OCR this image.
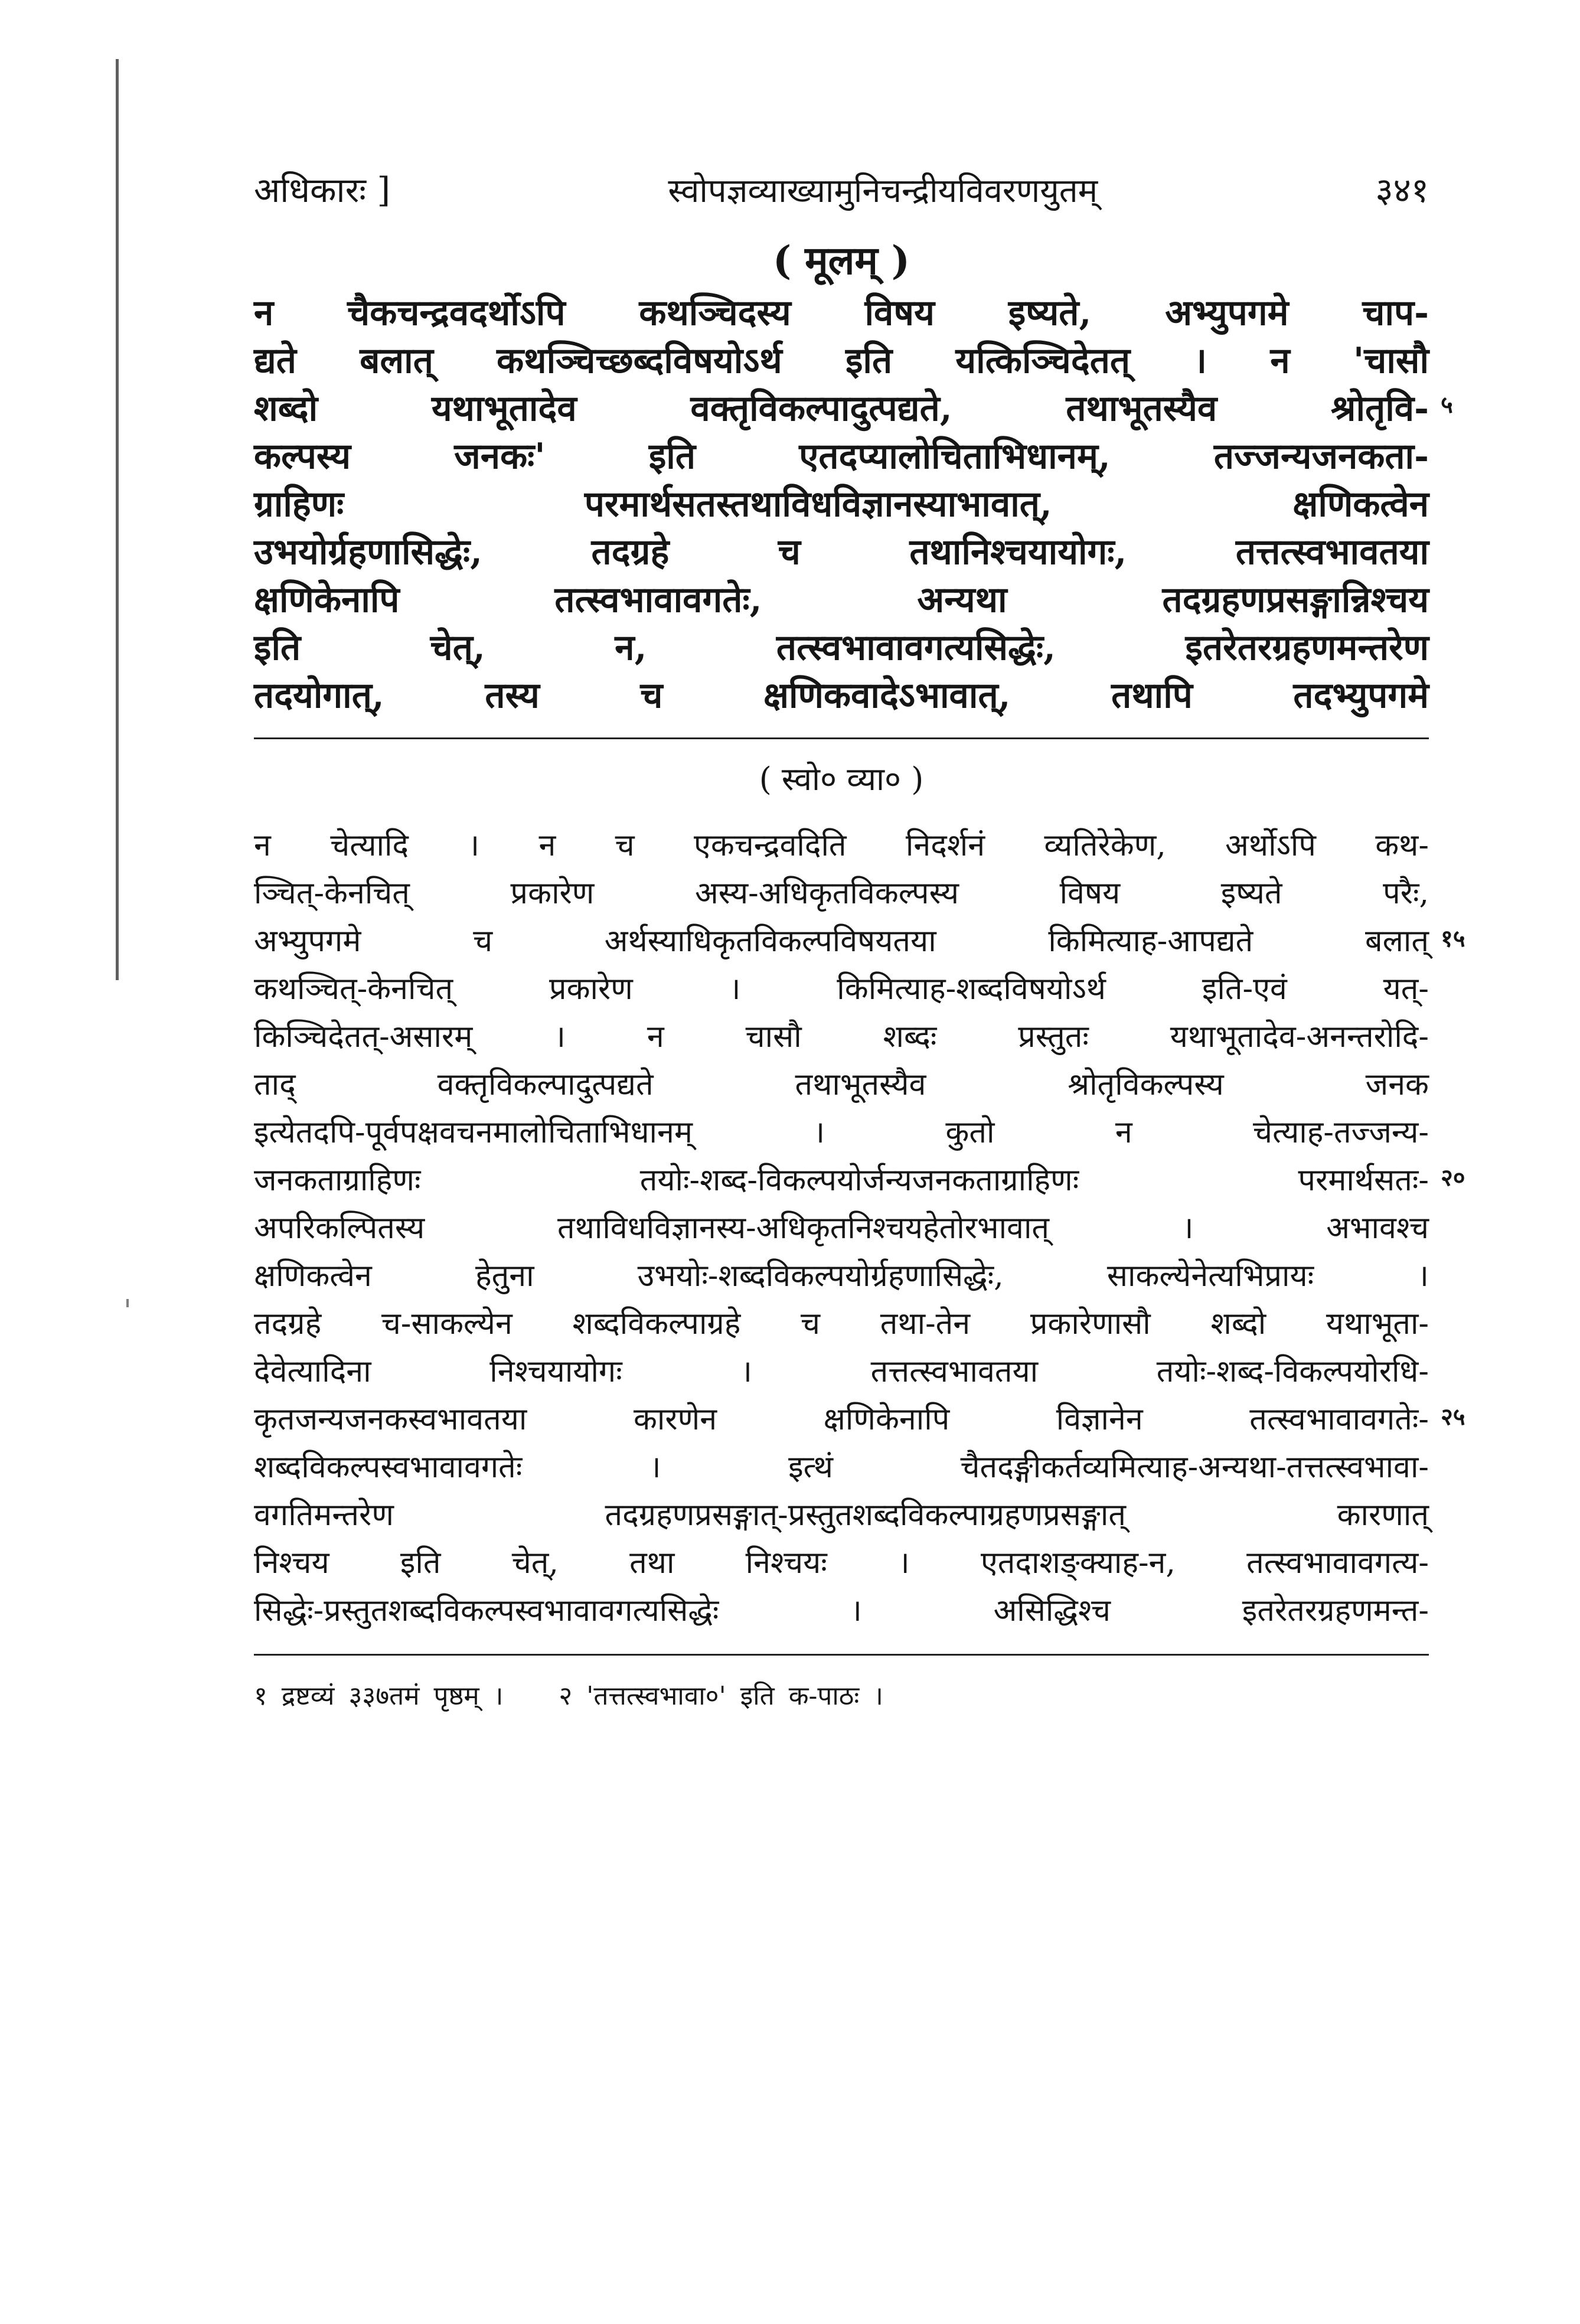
अधिकारः ]	स्वोपज्ञव्याख्यामुनिचन्द्रीयविवरणयुतम्	३४१
( मूलम् )

न चैकचन्द्रवदर्थोऽपि कथञ्चिदस्य विषय इष्यते, अभ्युपगमे चाप-

द्यते बलात् कथञ्चिच्छब्दविषयोऽर्थ इति यत्किञ्चिदेतत् । न 'चासौ

शब्दो यथाभूतादेव वक्तृविकल्पादुत्पद्यते, तथाभूतस्यैव श्रोतृवि- ५

कल्पस्य जनकः' इति एतदप्यालोचिताभिधानम्, तज्जन्यजनकता-

ग्राहिणः परमार्थसतस्तथाविधविज्ञानस्याभावात्, क्षणिकत्वेन

उभयोर्ग्रहणासिद्धेः, तदग्रहे च तथानिश्चयायोगः, तत्तत्स्वभावतया

क्षणिकेनापि तत्स्वभावावगतेः, अन्यथा तदग्रहणप्रसङ्गान्निश्चय

इति चेत्, न, तत्स्वभावावगत्यसिद्धेः, इतरेतरग्रहणमन्तरेण

तदयोगात्, तस्य च क्षणिकवादेऽभावात्, तथापि तदभ्युपगमे

( स्वो० व्या० )

न चेत्यादि । न च एकचन्द्रवदिति निदर्शनं व्यतिरेकेण, अर्थोऽपि कथ-

ञ्चित्-केनचित् प्रकारेण अस्य-अधिकृतविकल्पस्य विषय इष्यते परैः,

अभ्युपगमे च अर्थस्याधिकृतविकल्पविषयतया किमित्याह-आपद्यते बलात् १५

कथञ्चित्-केनचित् प्रकारेण । किमित्याह-शब्दविषयोऽर्थ इति-एवं यत्-

किञ्चिदेतत्-असारम् । न चासौ शब्दः प्रस्तुतः यथाभूतादेव-अनन्तरोदि-

ताद् वक्तृविकल्पादुत्पद्यते तथाभूतस्यैव श्रोतृविकल्पस्य जनक

इत्येतदपि-पूर्वपक्षवचनमालोचिताभिधानम् । कुतो न चेत्याह-तज्जन्य-

जनकताग्राहिणः तयोः-शब्द-विकल्पयोर्जन्यजनकताग्राहिणः परमार्थसतः- २०

अपरिकल्पितस्य तथाविधविज्ञानस्य-अधिकृतनिश्चयहेतोरभावात् । अभावश्च

क्षणिकत्वेन हेतुना उभयोः-शब्दविकल्पयोर्ग्रहणासिद्धेः, साकल्येनेत्यभिप्रायः ।

तदग्रहे च-साकल्येन शब्दविकल्पाग्रहे च तथा-तेन प्रकारेणासौ शब्दो यथाभूता-

देवेत्यादिना निश्चयायोगः । तत्तत्स्वभावतया तयोः-शब्द-विकल्पयोरधि-

कृतजन्यजनकस्वभावतया कारणेन क्षणिकेनापि विज्ञानेन तत्स्वभावावगतेः- २५

शब्दविकल्पस्वभावावगतेः । इत्थं चैतदङ्गीकर्तव्यमित्याह-अन्यथा-तत्तत्स्वभावा-

वगतिमन्तरेण तदग्रहणप्रसङ्गात्-प्रस्तुतशब्दविकल्पाग्रहणप्रसङ्गात् कारणात्

निश्चय इति चेत्, तथा निश्चयः । एतदाशङ्क्याह-न, तत्स्वभावावगत्य-

सिद्धेः-प्रस्तुतशब्दविकल्पस्वभावावगत्यसिद्धेः । असिद्धिश्च इतरेतरग्रहणमन्त-

१ द्रष्टव्यं ३३७तमं पृष्ठम् । २ 'तत्तत्स्वभावा०' इति क-पाठः ।
